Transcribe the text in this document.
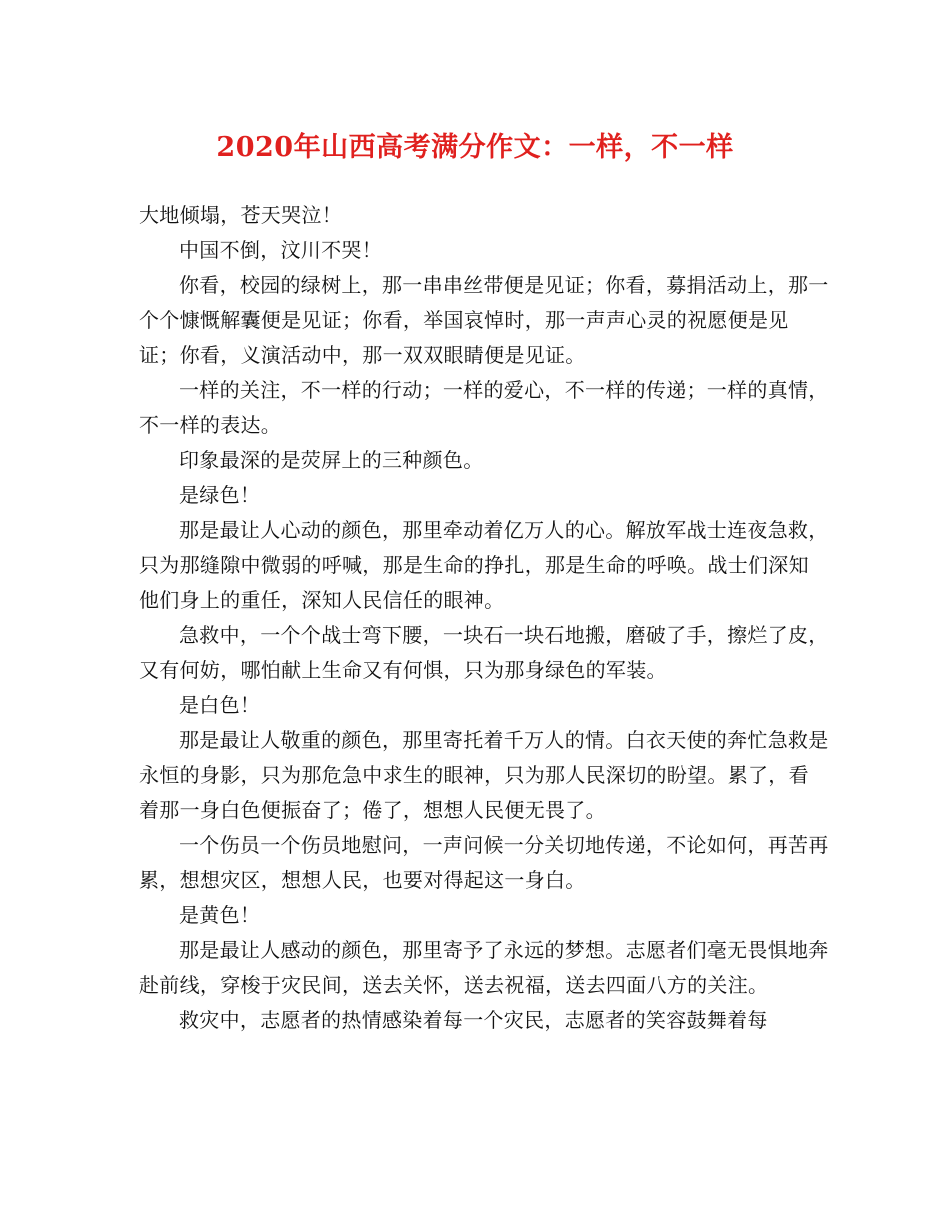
2020年山西高考满分作文：一样，不一样

大地倾塌，苍天哭泣！

中国不倒，汶川不哭！

你看，校园的绿树上，那一串串丝带便是见证；你看，募捐活动上，那一个个慷慨解囊便是见证；你看，举国哀悼时，那一声声心灵的祝愿便是见证；你看，义演活动中，那一双双眼睛便是见证。

一样的关注，不一样的行动；一样的爱心，不一样的传递；一样的真情，不一样的表达。

印象最深的是荧屏上的三种颜色。

是绿色！

那是最让人心动的颜色，那里牵动着亿万人的心。解放军战士连夜急救，只为那缝隙中微弱的呼喊，那是生命的挣扎，那是生命的呼唤。战士们深知他们身上的重任，深知人民信任的眼神。

急救中，一个个战士弯下腰，一块石一块石地搬，磨破了手，擦烂了皮，又有何妨，哪怕献上生命又有何惧，只为那身绿色的军装。

是白色！

那是最让人敬重的颜色，那里寄托着千万人的情。白衣天使的奔忙急救是永恒的身影，只为那危急中求生的眼神，只为那人民深切的盼望。累了，看着那一身白色便振奋了；倦了，想想人民便无畏了。

一个伤员一个伤员地慰问，一声问候一分关切地传递，不论如何，再苦再累，想想灾区，想想人民，也要对得起这一身白。

是黄色！

那是最让人感动的颜色，那里寄予了永远的梦想。志愿者们毫无畏惧地奔赴前线，穿梭于灾民间，送去关怀，送去祝福，送去四面八方的关注。

救灾中，志愿者的热情感染着每一个灾民，志愿者的笑容鼓舞着每
